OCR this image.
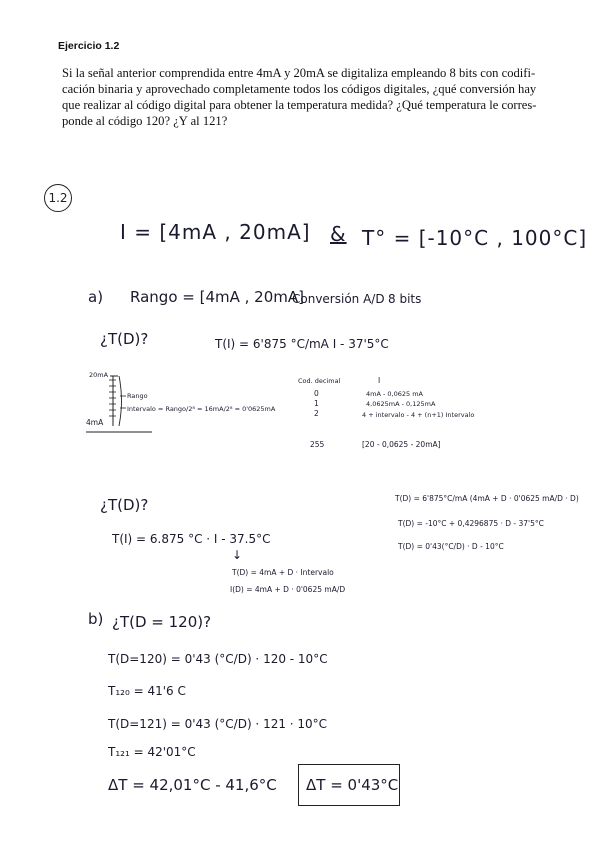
Ejercicio 1.2
Si la señal anterior comprendida entre 4mA y 20mA se digitaliza empleando 8 bits con codifi-
cación binaria y aprovechado completamente todos los códigos digitales, ¿qué conversión hay
que realizar al código digital para obtener la temperatura medida? ¿Qué temperatura le corres-
ponde al código 120? ¿Y al 121?
1.2
I = [4mA , 20mA] & T° = [-10°C , 100°C]
a) Rango = [4mA , 20mA]
Conversión A/D 8 bits
¿T(D)?	T(I) = 6'875 °C/mA I - 37'5°C
20mA
4mA
Rango
Intervalo = Rango/2⁸ = 16mA/2⁸ = 0'0625mA
Cod. decimal	I
0	4mA - 0,0625 mA
1	4,0625mA - 0,125mA
2	4 + intervalo - 4 + (n+1) Intervalo
255	[20 - 0,0625 - 20mA]
¿T(D)?
T(I) = 6.875 °C · I - 37.5°C
↓
T(D) = 4mA + D · Intervalo
I(D) = 4mA + D · 0'0625 mA/D
T(D) = 6'875°C/mA (4mA + D · 0'0625 mA/D · D)
T(D) = -10°C + 0,4296875 · D - 37'5°C
T(D) = 0'43(°C/D) · D - 10°C
b) ¿T(D = 120)?
T(D=120) = 0'43 (°C/D) · 120 - 10°C
T₁₂₀ = 41'6 C
T(D=121) = 0'43 (°C/D) · 121 · 10°C
T₁₂₁ = 42'01°C
ΔT = 42,01°C - 41,6°C ΔT = 0'43°C
